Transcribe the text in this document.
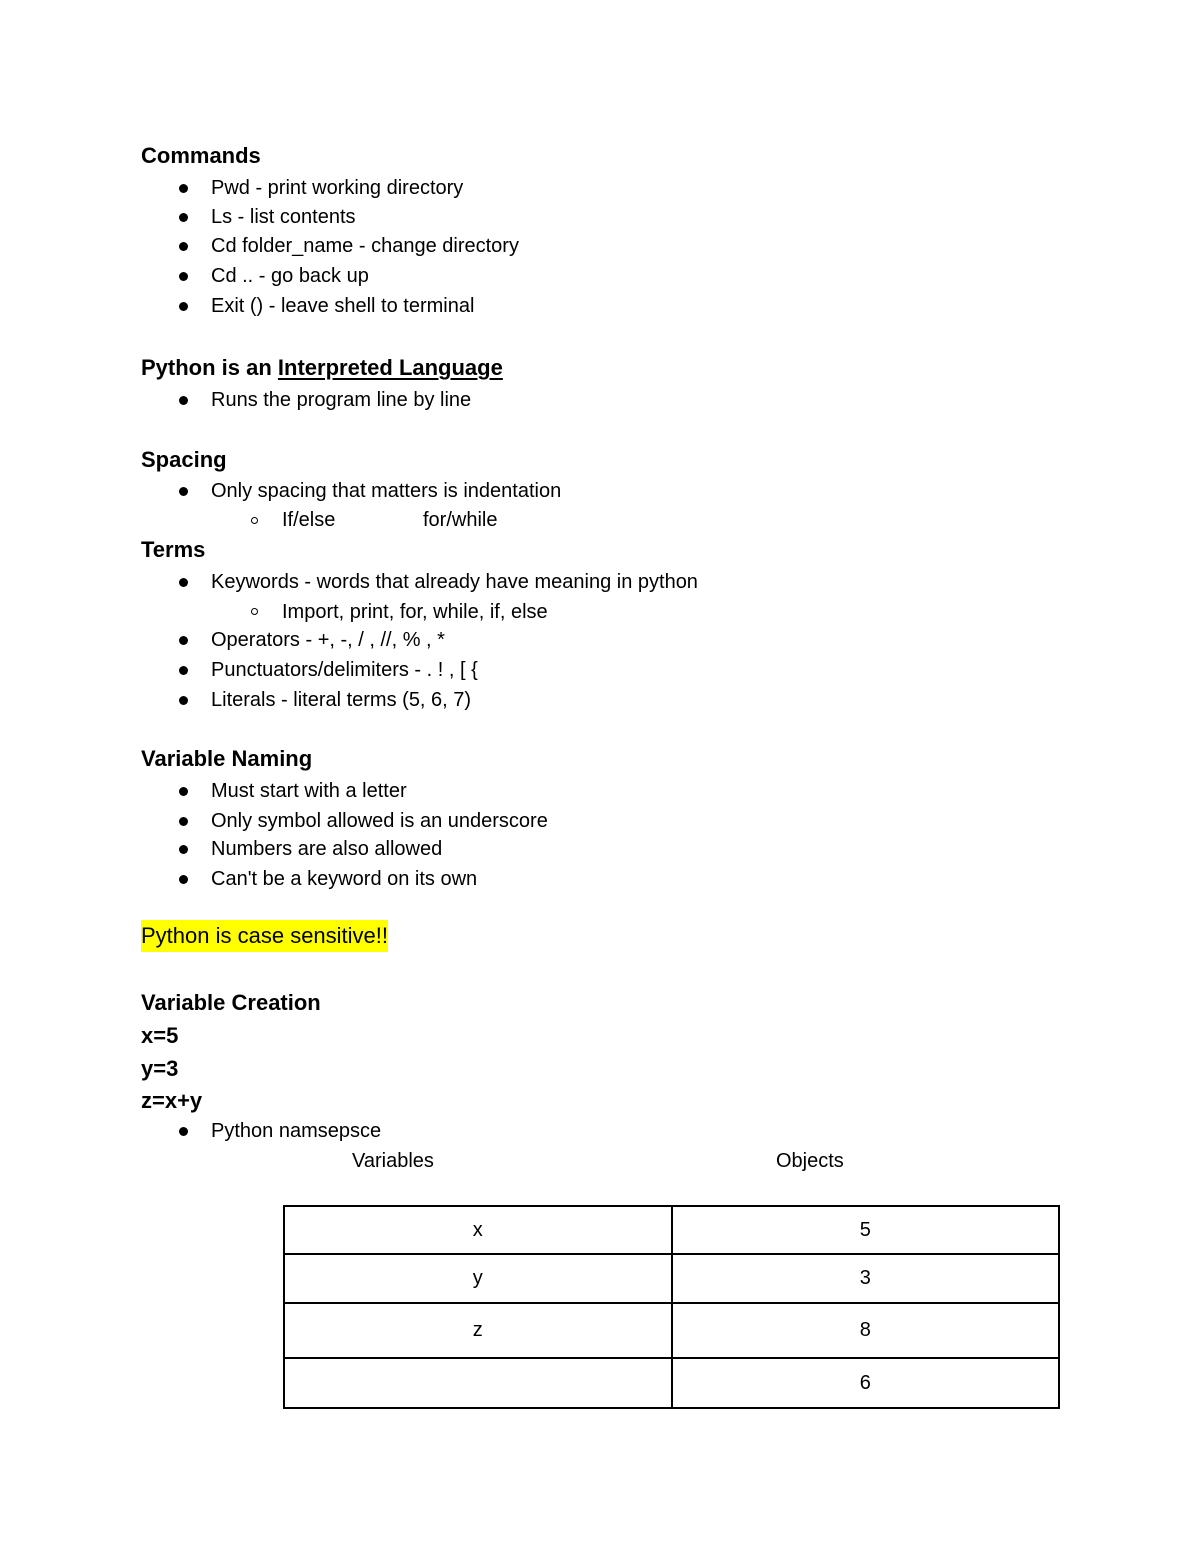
Commands
Pwd - print working directory
Ls - list contents
Cd folder_name - change directory
Cd .. - go back up
Exit () - leave shell to terminal
Python is an Interpreted Language
Runs the program line by line
Spacing
Only spacing that matters is indentation
If/else	for/while
Terms
Keywords - words that already have meaning in python
Import, print, for, while, if, else
Operators - +, -, / , //, % , *
Punctuators/delimiters - . ! , [ {
Literals - literal terms (5, 6, 7)
Variable Naming
Must start with a letter
Only symbol allowed is an underscore
Numbers are also allowed
Can't be a keyword on its own
Python is case sensitive!!
Variable Creation
x=5
y=3
z=x+y
Python namsepsce
Variables	Objects
x	5
y	3
z	8
	6
